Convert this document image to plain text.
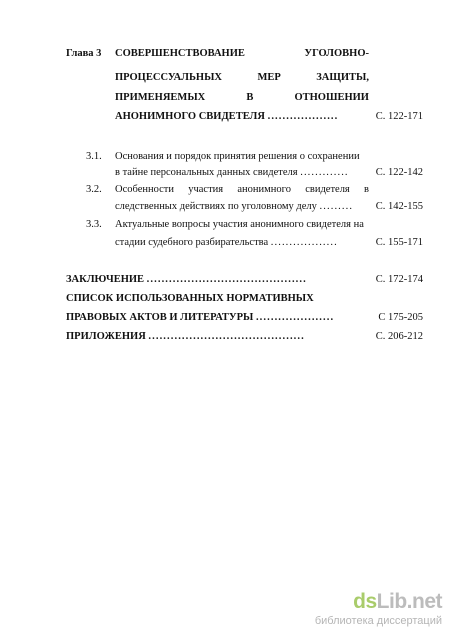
Глава 3 СОВЕРШЕНСТВОВАНИЕ	УГОЛОВНО-
ПРОЦЕССУАЛЬНЫХ	МЕР	ЗАЩИТЫ,
ПРИМЕНЯЕМЫХ	В	ОТНОШЕНИИ
АНОНИМНОГО СВИДЕТЕЛЯ ...................	С. 122-171
3.1. Основания и порядок принятия решения о сохранении
в тайне персональных данных свидетеля .............	С. 122-142
3.2. Особенности участия анонимного свидетеля в
следственных действиях по уголовному делу ......... С. 142-155
3.3. Актуальные вопросы участия анонимного свидетеля на
стадии судебного разбирательства ..................	С. 155-171
ЗАКЛЮЧЕНИЕ ...........................................	С. 172-174
СПИСОК ИСПОЛЬЗОВАННЫХ НОРМАТИВНЫХ
ПРАВОВЫХ АКТОВ И ЛИТЕРАТУРЫ .....................	С 175-205
ПРИЛОЖЕНИЯ ..........................................	С. 206-212
dsLib.net
библиотека диссертаций
